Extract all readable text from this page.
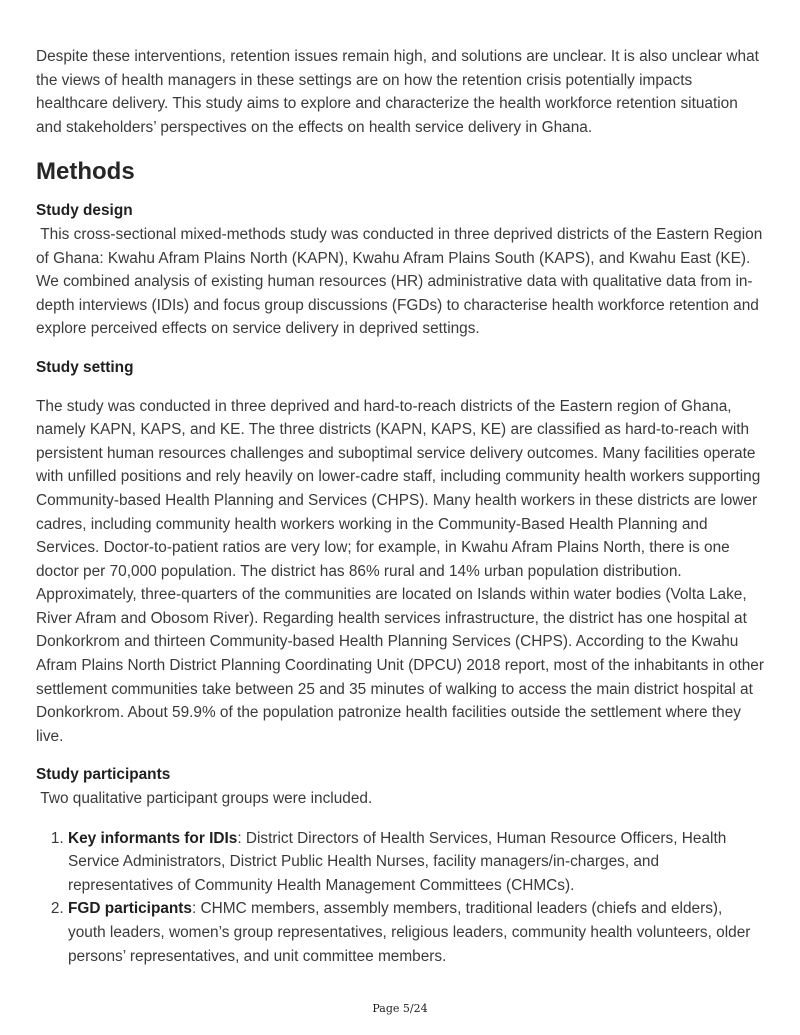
Despite these interventions, retention issues remain high, and solutions are unclear. It is also unclear what the views of health managers in these settings are on how the retention crisis potentially impacts healthcare delivery. This study aims to explore and characterize the health workforce retention situation and stakeholders’ perspectives on the effects on health service delivery in Ghana.

Methods
Study design

This cross-sectional mixed-methods study was conducted in three deprived districts of the Eastern Region of Ghana: Kwahu Afram Plains North (KAPN), Kwahu Afram Plains South (KAPS), and Kwahu East (KE). We combined analysis of existing human resources (HR) administrative data with qualitative data from in-depth interviews (IDIs) and focus group discussions (FGDs) to characterise health workforce retention and explore perceived effects on service delivery in deprived settings.

Study setting

The study was conducted in three deprived and hard-to-reach districts of the Eastern region of Ghana, namely KAPN, KAPS, and KE. The three districts (KAPN, KAPS, KE) are classified as hard-to-reach with persistent human resources challenges and suboptimal service delivery outcomes. Many facilities operate with unfilled positions and rely heavily on lower-cadre staff, including community health workers supporting Community-based Health Planning and Services (CHPS). Many health workers in these districts are lower cadres, including community health workers working in the Community-Based Health Planning and Services. Doctor-to-patient ratios are very low; for example, in Kwahu Afram Plains North, there is one doctor per 70,000 population. The district has 86% rural and 14% urban population distribution. Approximately, three-quarters of the communities are located on Islands within water bodies (Volta Lake, River Afram and Obosom River). Regarding health services infrastructure, the district has one hospital at Donkorkrom and thirteen Community-based Health Planning Services (CHPS). According to the Kwahu Afram Plains North District Planning Coordinating Unit (DPCU) 2018 report, most of the inhabitants in other settlement communities take between 25 and 35 minutes of walking to access the main district hospital at Donkorkrom. About 59.9% of the population patronize health facilities outside the settlement where they live.

Study participants

Two qualitative participant groups were included.

1. Key informants for IDIs: District Directors of Health Services, Human Resource Officers, Health Service Administrators, District Public Health Nurses, facility managers/in-charges, and representatives of Community Health Management Committees (CHMCs).
2. FGD participants: CHMC members, assembly members, traditional leaders (chiefs and elders), youth leaders, women’s group representatives, religious leaders, community health volunteers, older persons’ representatives, and unit committee members.
Page 5/24
